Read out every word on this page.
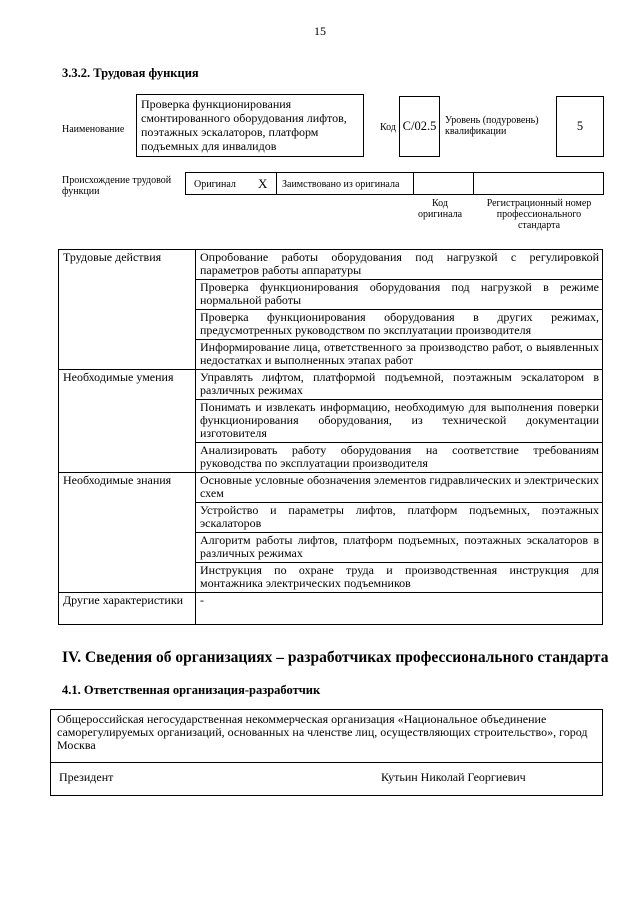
15
3.3.2. Трудовая функция
Наименование
Проверка функционирования смонтированного оборудования лифтов, поэтажных эскалаторов, платформ подъемных для инвалидов
Код С/02.5 Уровень (подуровень) квалификации	5
Происхождение трудовой функции
Оригинал X Заимствовано из оригинала
Код оригинала
Регистрационный номер профессионального стандарта
Трудовые действия	Опробование работы оборудования под нагрузкой с регулировкой параметров работы аппаратуры
	Проверка функционирования оборудования под нагрузкой в режиме нормальной работы
	Проверка функционирования оборудования в других режимах, предусмотренных руководством по эксплуатации производителя
	Информирование лица, ответственного за производство работ, о выявленных недостатках и выполненных этапах работ
Необходимые умения	Управлять лифтом, платформой подъемной, поэтажным эскалатором в различных режимах
	Понимать и извлекать информацию, необходимую для выполнения поверки функционирования оборудования, из технической документации изготовителя
	Анализировать работу оборудования на соответствие требованиям руководства по эксплуатации производителя
Необходимые знания	Основные условные обозначения элементов гидравлических и электрических схем
	Устройство и параметры лифтов, платформ подъемных, поэтажных эскалаторов
	Алгоритм работы лифтов, платформ подъемных, поэтажных эскалаторов в различных режимах
	Инструкция по охране труда и производственная инструкция для монтажника электрических подъемников
Другие характеристики	-
IV. Сведения об организациях – разработчиках профессионального стандарта
4.1. Ответственная организация-разработчик
Общероссийская негосударственная некоммерческая организация «Национальное объединение саморегулируемых организаций, основанных на членстве лиц, осуществляющих строительство», город Москва
Президент	Кутьин Николай Георгиевич
